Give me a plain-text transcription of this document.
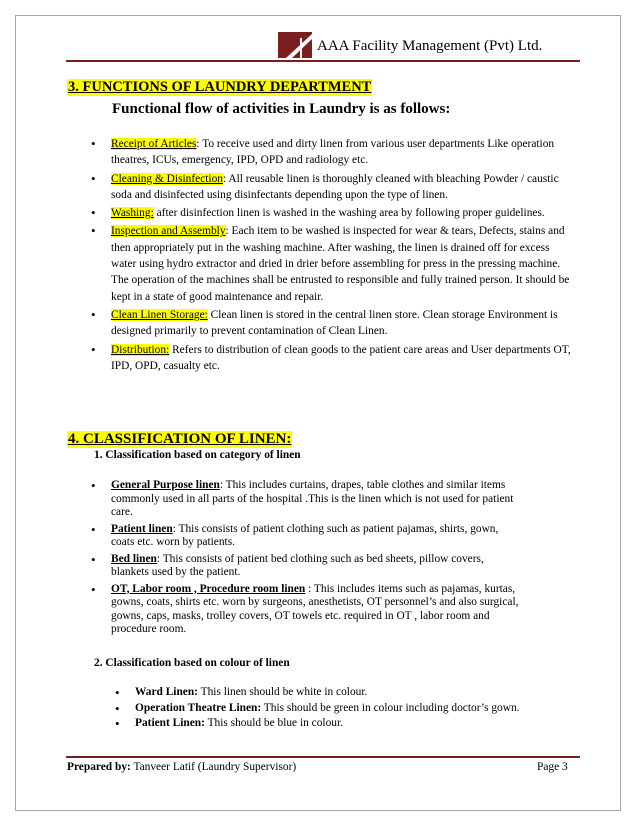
AAA Facility Management (Pvt) Ltd.
3. FUNCTIONS OF LAUNDRY DEPARTMENT
Functional flow of activities in Laundry is as follows:
• Receipt of Articles: To receive used and dirty linen from various user departments Like operation theatres, ICUs, emergency, IPD, OPD and radiology etc.
• Cleaning & Disinfection: All reusable linen is thoroughly cleaned with bleaching Powder / caustic soda and disinfected using disinfectants depending upon the type of linen.
• Washing: after disinfection linen is washed in the washing area by following proper guidelines.
• Inspection and Assembly: Each item to be washed is inspected for wear & tears, Defects, stains and then appropriately put in the washing machine. After washing, the linen is drained off for excess water using hydro extractor and dried in drier before assembling for press in the pressing machine. The operation of the machines shall be entrusted to responsible and fully trained person. It should be kept in a state of good maintenance and repair.
• Clean Linen Storage: Clean linen is stored in the central linen store. Clean storage Environment is designed primarily to prevent contamination of Clean Linen.
• Distribution: Refers to distribution of clean goods to the patient care areas and User departments OT, IPD, OPD, casualty etc.
4. CLASSIFICATION OF LINEN:
1. Classification based on category of linen
• General Purpose linen: This includes curtains, drapes, table clothes and similar items commonly used in all parts of the hospital .This is the linen which is not used for patient care.
• Patient linen: This consists of patient clothing such as patient pajamas, shirts, gown, coats etc. worn by patients.
• Bed linen: This consists of patient bed clothing such as bed sheets, pillow covers, blankets used by the patient.
• OT, Labor room , Procedure room linen : This includes items such as pajamas, kurtas, gowns, coats, shirts etc. worn by surgeons, anesthetists, OT personnel’s and also surgical, gowns, caps, masks, trolley covers, OT towels etc. required in OT , labor room and procedure room.
2. Classification based on colour of linen
• Ward Linen: This linen should be white in colour.
• Operation Theatre Linen: This should be green in colour including doctor’s gown.
• Patient Linen: This should be blue in colour.
Prepared by: Tanveer Latif (Laundry Supervisor)	Page 3
